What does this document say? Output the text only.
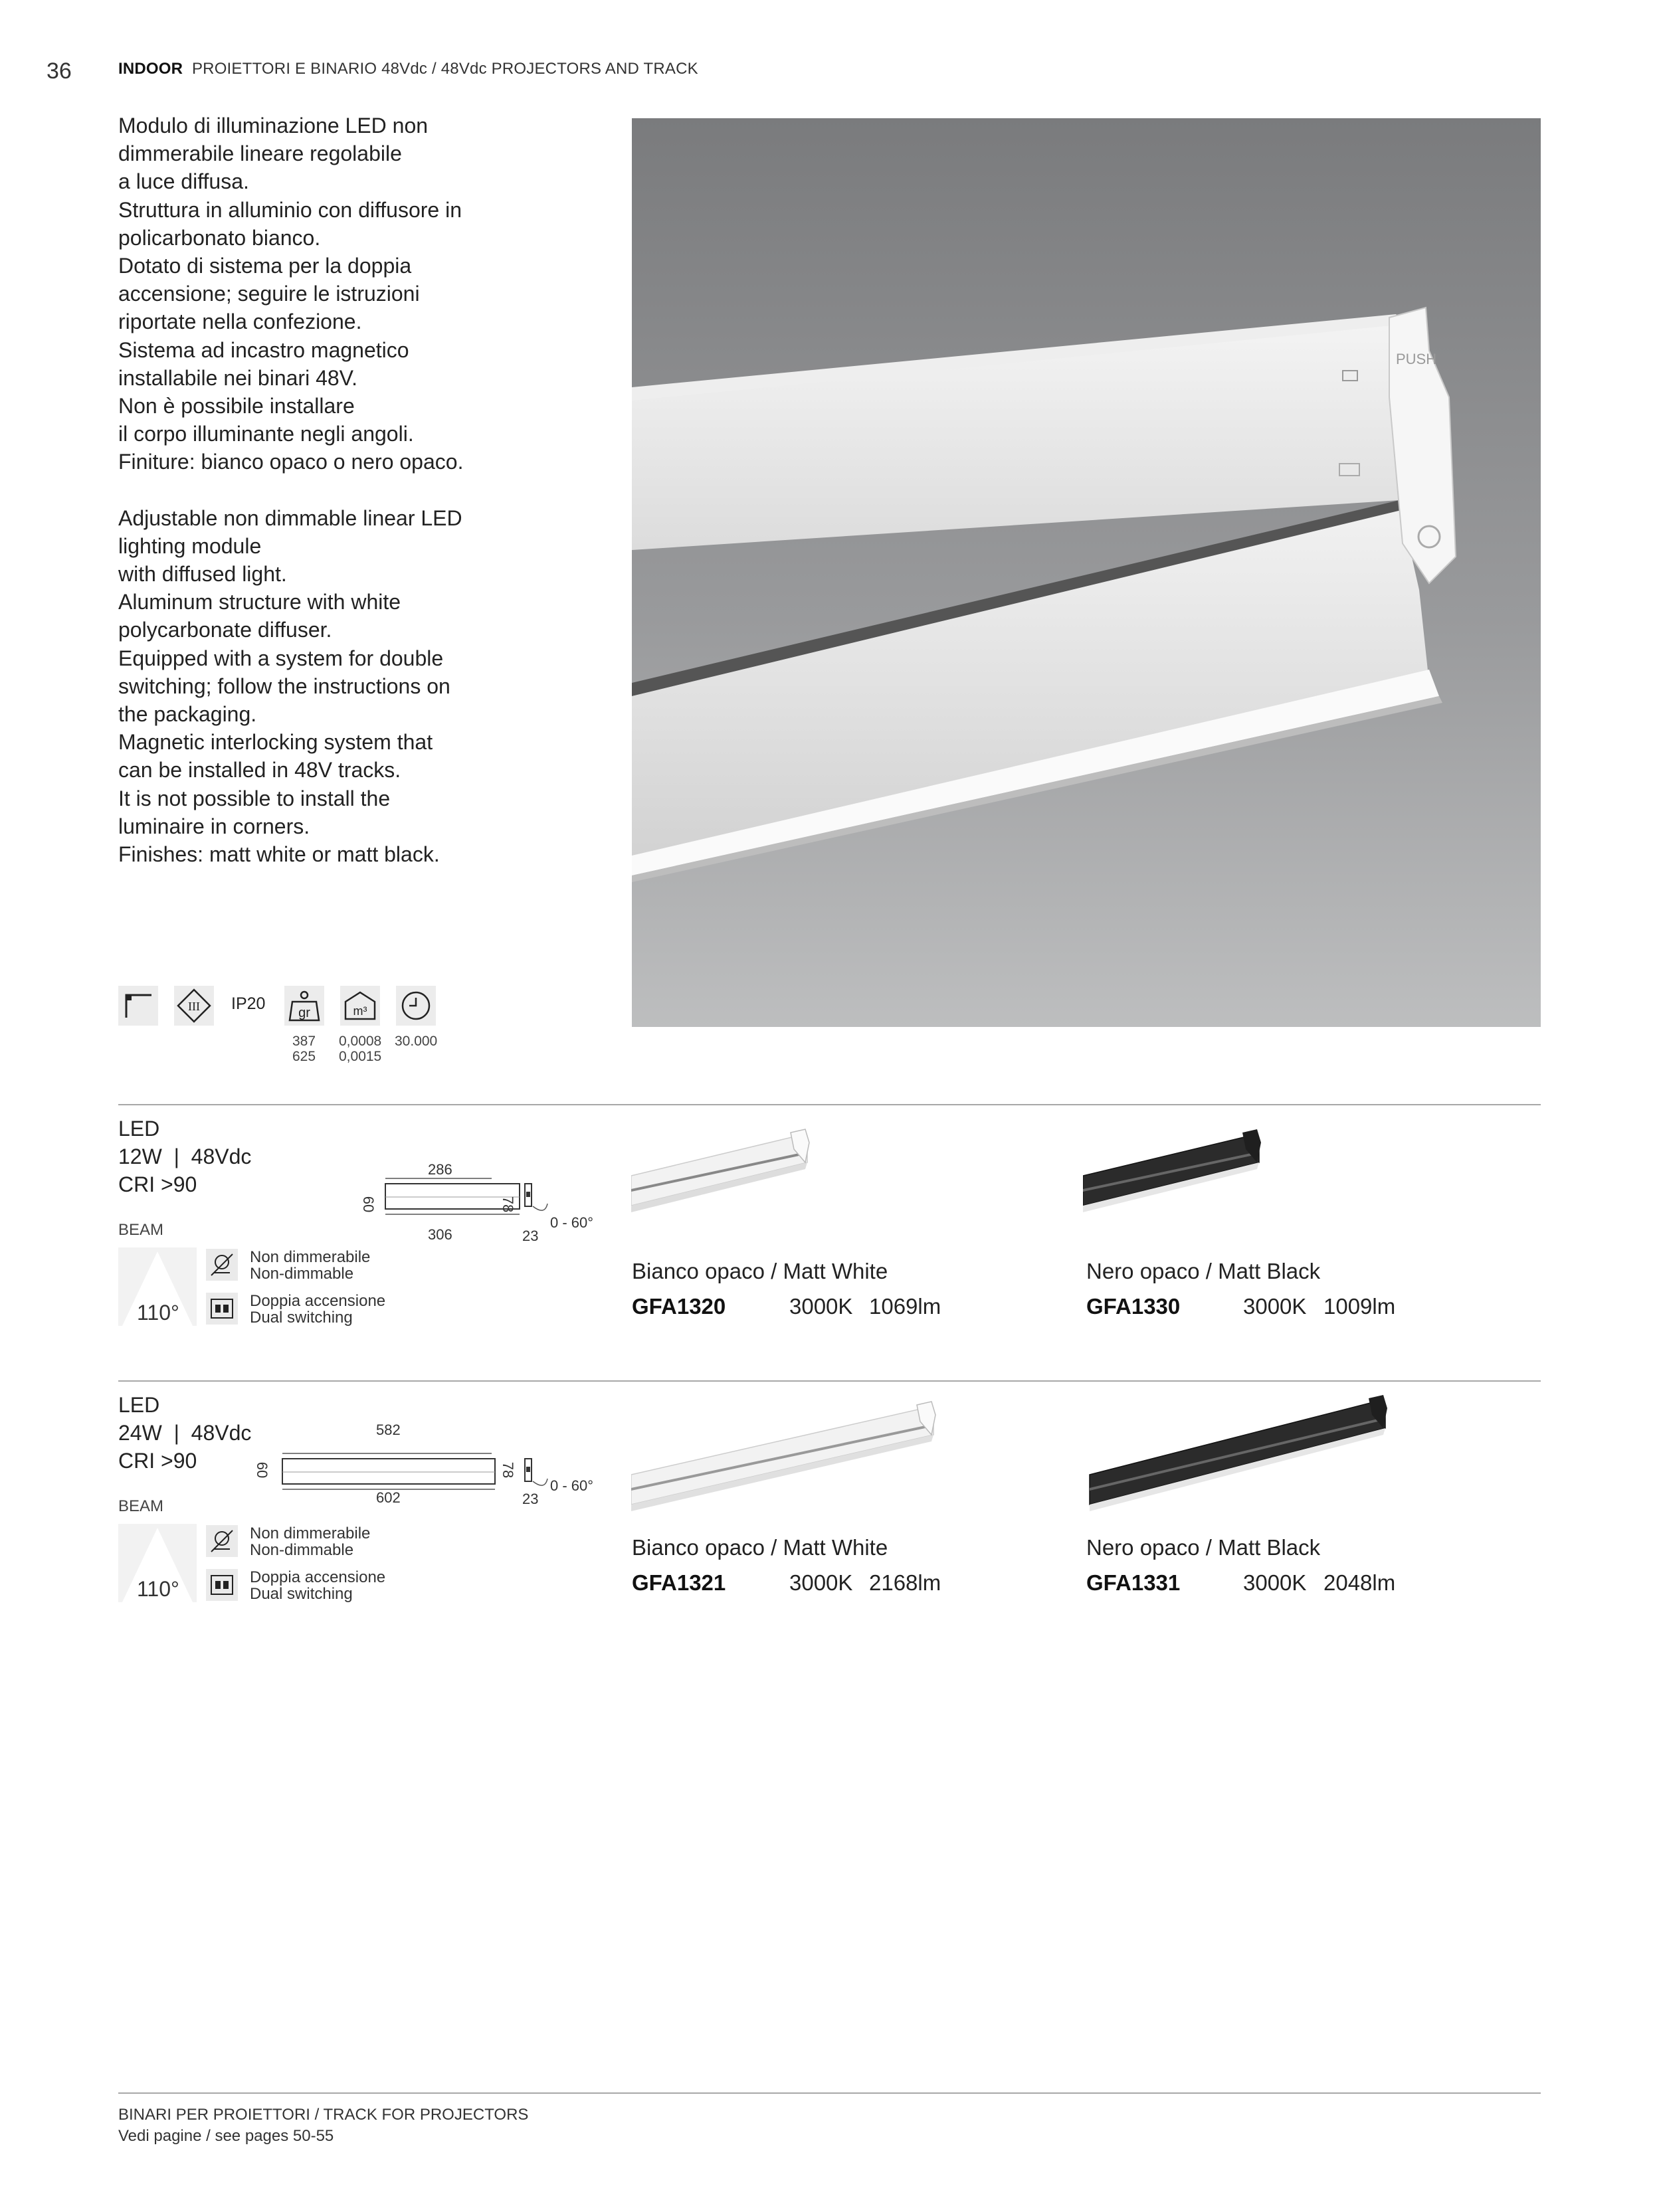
36	INDOOR PROIETTORI E BINARIO 48Vdc / 48Vdc PROJECTORS AND TRACK

Modulo di illuminazione LED non
dimmerabile lineare regolabile
a luce diffusa.
Struttura in alluminio con diffusore in
policarbonato bianco.
Dotato di sistema per la doppia
accensione; seguire le istruzioni
riportate nella confezione.
Sistema ad incastro magnetico
installabile nei binari 48V.
Non è possibile installare
il corpo illuminante negli angoli.
Finiture: bianco opaco o nero opaco.

Adjustable non dimmable linear LED
lighting module
with diffused light.
Aluminum structure with white
polycarbonate diffuser.
Equipped with a system for double
switching; follow the instructions on
the packaging.
Magnetic interlocking system that
can be installed in 48V tracks.
It is not possible to install the
luminaire in corners.
Finishes: matt white or matt black.

PUSH
III IP20 gr	m³
387
625
0,0008
0,0015
30.000
LED
12W  |  48Vdc
CRI >90
BEAM
110°
Non dimmerabile
Non-dimmable
Doppia accensione
Dual switching
286
306
60	78
23
0 - 60°
Bianco opaco / Matt White
GFA1320	3000K 1069lm
Nero opaco / Matt Black
GFA1330	3000K 1009lm
LED
24W  |  48Vdc
CRI >90
BEAM
110°
Non dimmerabile
Non-dimmable
Doppia accensione
Dual switching
582
602
60	78
23
0 - 60°
Bianco opaco / Matt White
GFA1321	3000K 2168lm
Nero opaco / Matt Black
GFA1331	3000K 2048lm
BINARI PER PROIETTORI / TRACK FOR PROJECTORS
Vedi pagine / see pages 50-55
